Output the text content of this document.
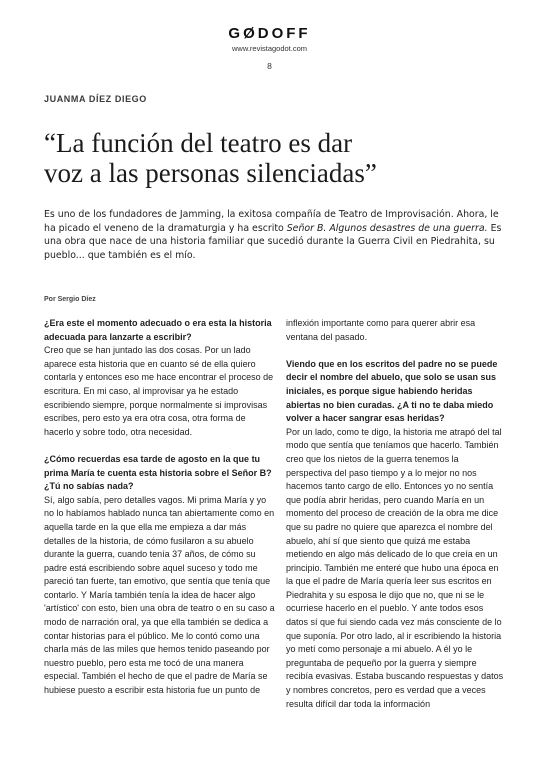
GØDOFF
www.revistagodot.com
8
JUANMA DÍEZ DIEGO
“La función del teatro es dar
voz a las personas silenciadas”

Es uno de los fundadores de Jamming, la exitosa compañía de Teatro de Improvisación. Ahora, le ha picado el veneno de la dramaturgia y ha escrito Señor B. Algunos desastres de una guerra. Es una obra que nace de una historia familiar que sucedió durante la Guerra Civil en Piedrahita, su pueblo... que también es el mío.

Por Sergio Díez

¿Era este el momento adecuado o era esta la historia adecuada para lanzarte a escribir?

Creo que se han juntado las dos cosas. Por un lado aparece esta historia que en cuanto sé de ella quiero contarla y entonces eso me hace encontrar el proceso de escritura. En mi caso, al improvisar ya he estado escribiendo siempre, porque normalmente si improvisas escribes, pero esto ya era otra cosa, otra forma de hacerlo y sobre todo, otra necesidad.

¿Cómo recuerdas esa tarde de agosto en la que tu prima María te cuenta esta historia sobre el Señor B? ¿Tú no sabías nada?

Sí, algo sabía, pero detalles vagos. Mi prima María y yo no lo habíamos hablado nunca tan abiertamente como en aquella tarde en la que ella me empieza a dar más detalles de la historia, de cómo fusilaron a su abuelo durante la guerra, cuando tenía 37 años, de cómo su padre está escribiendo sobre aquel suceso y todo me pareció tan fuerte, tan emotivo, que sentía que tenía que contarlo. Y María también tenía la idea de hacer algo 'artístico' con esto, bien una obra de teatro o en su caso a modo de narración oral, ya que ella también se dedica a contar historias para el público. Me lo contó como una charla más de las miles que hemos tenido paseando por nuestro pueblo, pero esta me tocó de una manera especial. También el hecho de que el padre de María se hubiese puesto a escribir esta historia fue un punto de

inflexión importante como para querer abrir esa ventana del pasado.

Viendo que en los escritos del padre no se puede decir el nombre del abuelo, que solo se usan sus iniciales, es porque sigue habiendo heridas abiertas no bien curadas. ¿A ti no te daba miedo volver a hacer sangrar esas heridas?

Por un lado, como te digo, la historia me atrapó del tal modo que sentía que teníamos que hacerlo. También creo que los nietos de la guerra tenemos la perspectiva del paso tiempo y a lo mejor no nos hacemos tanto cargo de ello. Entonces yo no sentía que podía abrir heridas, pero cuando María en un momento del proceso de creación de la obra me dice que su padre no quiere que aparezca el nombre del abuelo, ahí sí que siento que quizá me estaba metiendo en algo más delicado de lo que creía en un principio. También me enteré que hubo una época en la que el padre de María quería leer sus escritos en Piedrahita y su esposa le dijo que no, que ni se le ocurriese hacerlo en el pueblo. Y ante todos esos datos sí que fui siendo cada vez más consciente de lo que suponía. Por otro lado, al ir escribiendo la historia yo metí como personaje a mi abuelo. A él yo le preguntaba de pequeño por la guerra y siempre recibía evasivas. Estaba buscando respuestas y datos y nombres concretos, pero es verdad que a veces resulta difícil dar toda la información
